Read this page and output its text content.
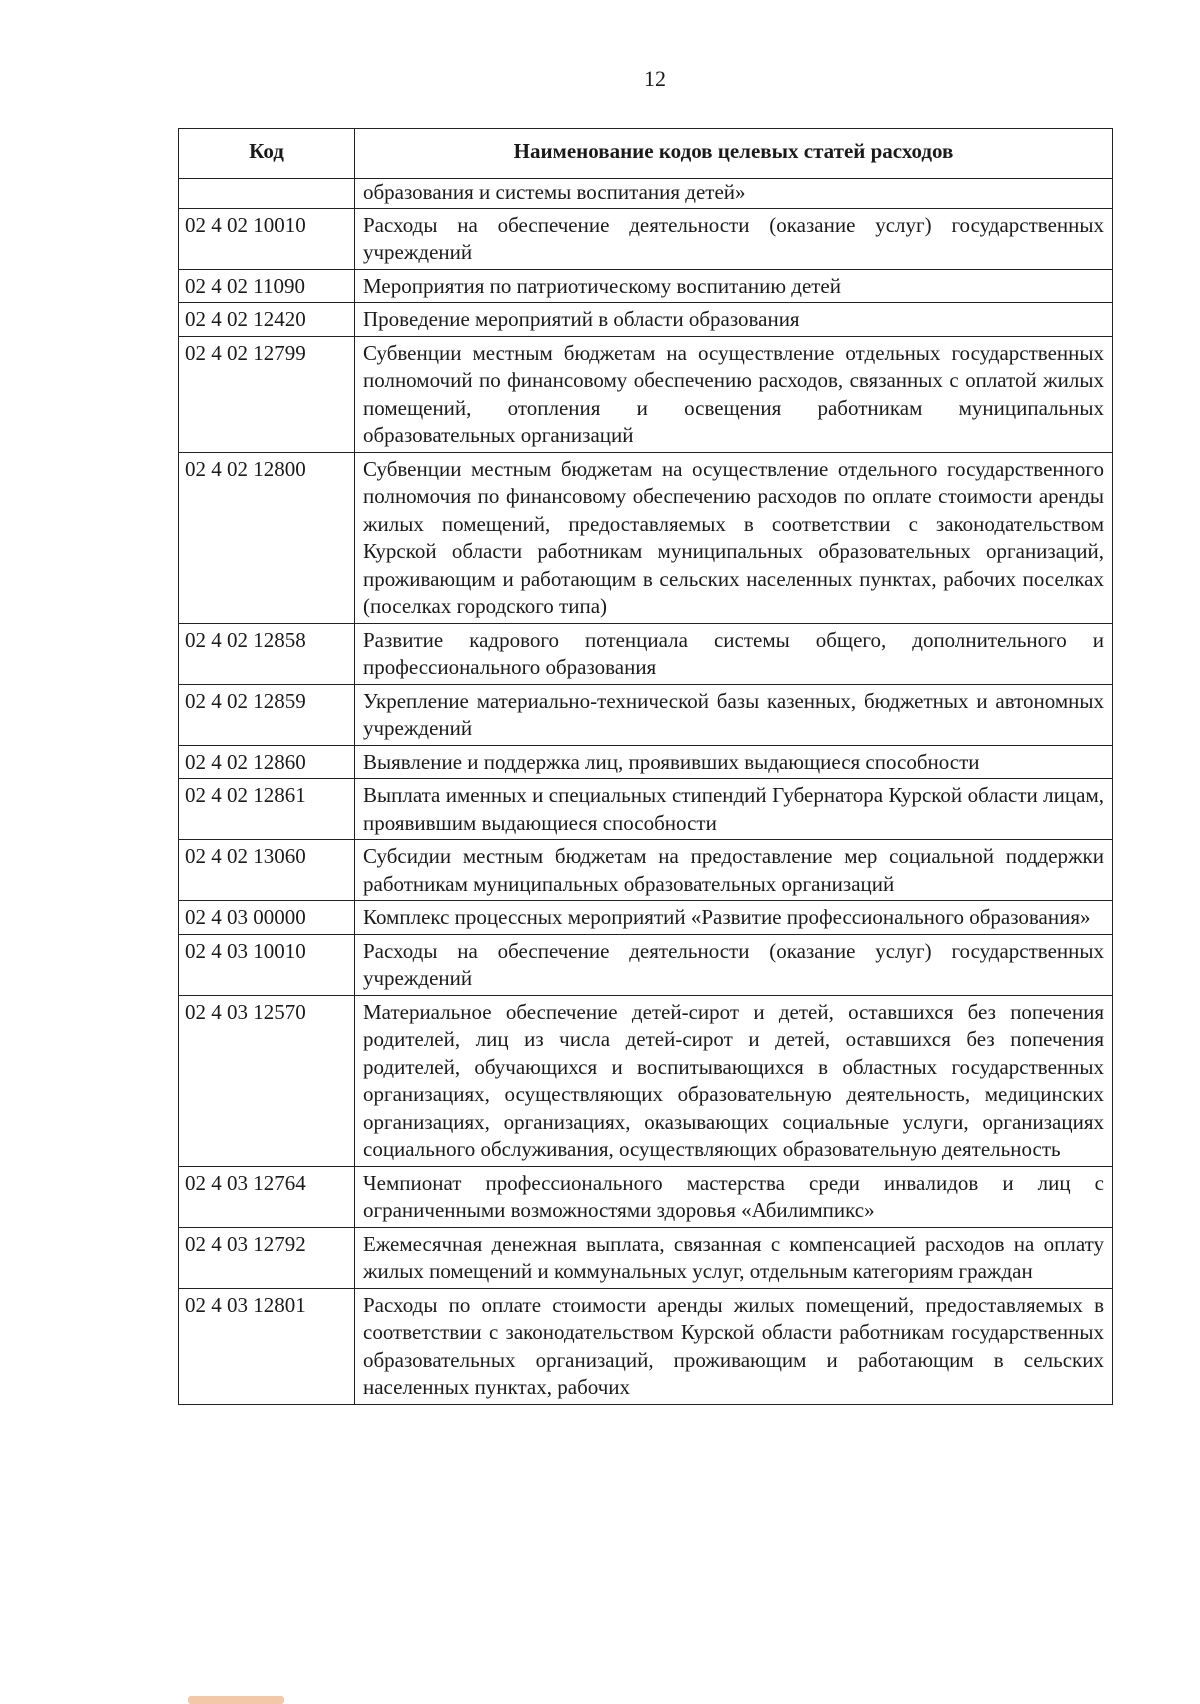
12
Код	Наименование кодов целевых статей расходов
	образования и системы воспитания детей»
02 4 02 10010	Расходы на обеспечение деятельности (оказание услуг) государственных учреждений
02 4 02 11090	Мероприятия по патриотическому воспитанию детей
02 4 02 12420	Проведение мероприятий в области образования
02 4 02 12799	Субвенции местным бюджетам на осуществление отдельных государственных полномочий по финансовому обеспечению расходов, связанных с оплатой жилых помещений, отопления и освещения работникам муниципальных образовательных организаций
02 4 02 12800	Субвенции местным бюджетам на осуществление отдельного государственного полномочия по финансовому обеспечению расходов по оплате стоимости аренды жилых помещений, предоставляемых в соответствии с законодательством Курской области работникам муниципальных образовательных организаций, проживающим и работающим в сельских населенных пунктах, рабочих поселках (поселках городского типа)
02 4 02 12858	Развитие кадрового потенциала системы общего, дополнительного и профессионального образования
02 4 02 12859	Укрепление материально-технической базы казенных, бюджетных и автономных учреждений
02 4 02 12860	Выявление и поддержка лиц, проявивших выдающиеся способности
02 4 02 12861	Выплата именных и специальных стипендий Губернатора Курской области лицам, проявившим выдающиеся способности
02 4 02 13060	Субсидии местным бюджетам на предоставление мер социальной поддержки работникам муниципальных образовательных организаций
02 4 03 00000	Комплекс процессных мероприятий «Развитие профессионального образования»
02 4 03 10010	Расходы на обеспечение деятельности (оказание услуг) государственных учреждений
02 4 03 12570	Материальное обеспечение детей-сирот и детей, оставшихся без попечения родителей, лиц из числа детей-сирот и детей, оставшихся без попечения родителей, обучающихся и воспитывающихся в областных государственных организациях, осуществляющих образовательную деятельность, медицинских организациях, организациях, оказывающих социальные услуги, организациях социального обслуживания, осуществляющих образовательную деятельность
02 4 03 12764	Чемпионат профессионального мастерства среди инвалидов и лиц с ограниченными возможностями здоровья «Абилимпикс»
02 4 03 12792	Ежемесячная денежная выплата, связанная с компенсацией расходов на оплату жилых помещений и коммунальных услуг, отдельным категориям граждан
02 4 03 12801	Расходы по оплате стоимости аренды жилых помещений, предоставляемых в соответствии с законодательством Курской области работникам государственных образовательных организаций, проживающим и работающим в сельских населенных пунктах, рабочих
